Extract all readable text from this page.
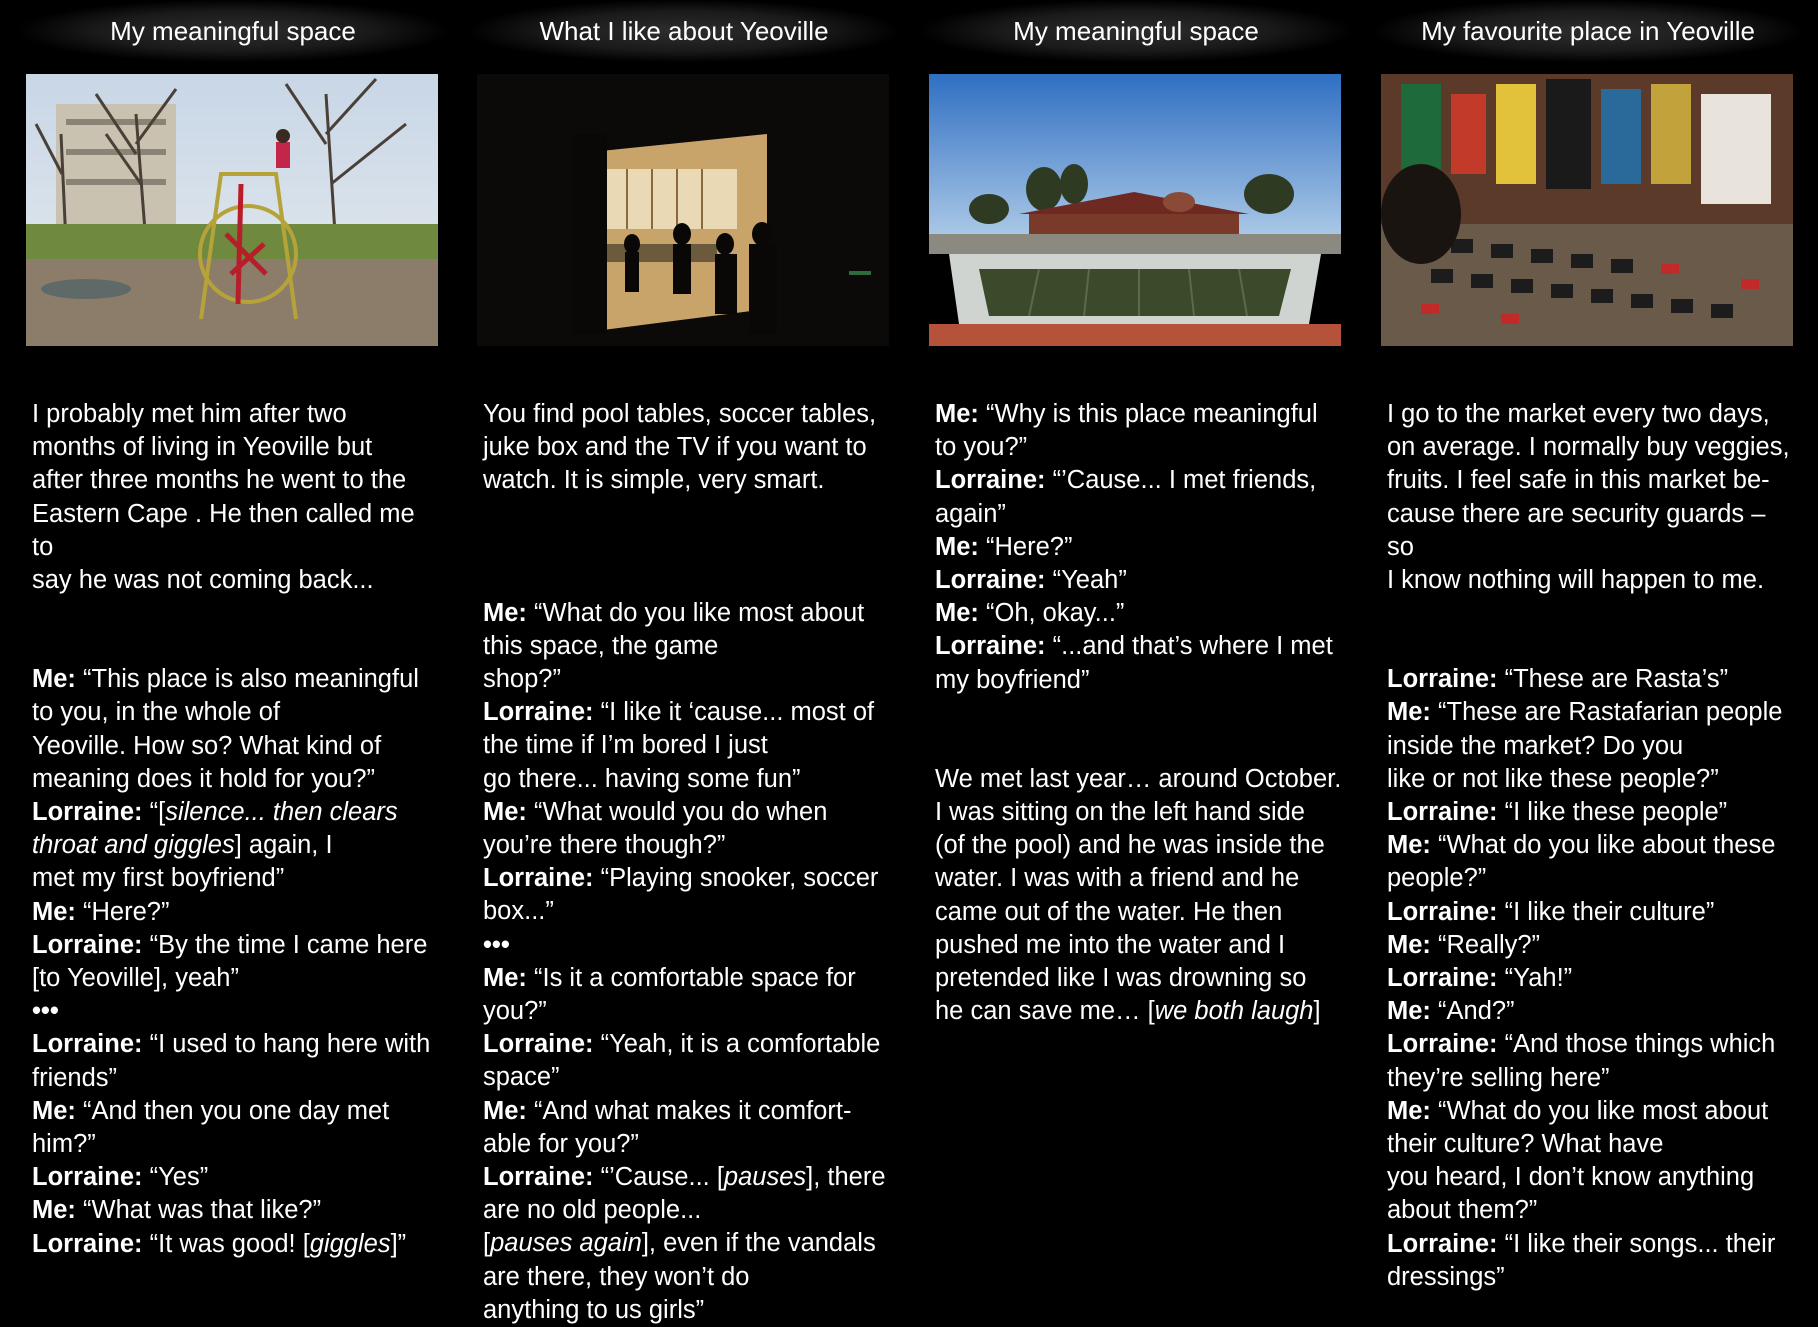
My meaningful space

I probably met him after two
months of living in Yeoville but
after three months he went to the
Eastern Cape . He then called me to
say he was not coming back...

Me: “This place is also meaningful
to you, in the whole of
Yeoville. How so? What kind of
meaning does it hold for you?”

Lorraine: “[silence... then clears
throat and giggles] again, I
met my first boyfriend”

Me: “Here?”

Lorraine: “By the time I came here
[to Yeoville], yeah”

•••

Lorraine: “I used to hang here with
friends”

Me: “And then you one day met
him?”

Lorraine: “Yes”

Me: “What was that like?”

Lorraine: “It was good! [giggles]”

What I like about Yeoville

You find pool tables, soccer tables,
juke box and the TV if you want to
watch. It is simple, very smart.

Me: “What do you like most about
this space, the game
shop?”

Lorraine: “I like it ‘cause... most of
the time if I’m bored I just
go there... having some fun”

Me: “What would you do when
you’re there though?”

Lorraine: “Playing snooker, soccer
box...”

•••

Me: “Is it a comfortable space for
you?”

Lorraine: “Yeah, it is a comfortable
space”

Me: “And what makes it comfort-
able for you?”

Lorraine: “’Cause... [pauses], there
are no old people...
[pauses again], even if the vandals
are there, they won’t do
anything to us girls”

My meaningful space

Me: “Why is this place meaningful
to you?”

Lorraine: “’Cause... I met friends,
again”

Me: “Here?”

Lorraine: “Yeah”

Me: “Oh, okay...”

Lorraine: “...and that’s where I met
my boyfriend”

We met last year… around October.
I was sitting on the left hand side
(of the pool) and he was inside the
water. I was with a friend and he
came out of the water. He then
pushed me into the water and I
pretended like I was drowning so
he can save me… [we both laugh]

My favourite place in Yeoville

I go to the market every two days,
on average. I normally buy veggies,
fruits. I feel safe in this market be-
cause there are security guards – so
I know nothing will happen to me.

Lorraine: “These are Rasta’s”

Me: “These are Rastafarian people
inside the market? Do you
like or not like these people?”

Lorraine: “I like these people”

Me: “What do you like about these
people?”

Lorraine: “I like their culture”

Me: “Really?”

Lorraine: “Yah!”

Me: “And?”

Lorraine: “And those things which
they’re selling here”

Me: “What do you like most about
their culture? What have
you heard, I don’t know anything
about them?”

Lorraine: “I like their songs... their
dressings”
